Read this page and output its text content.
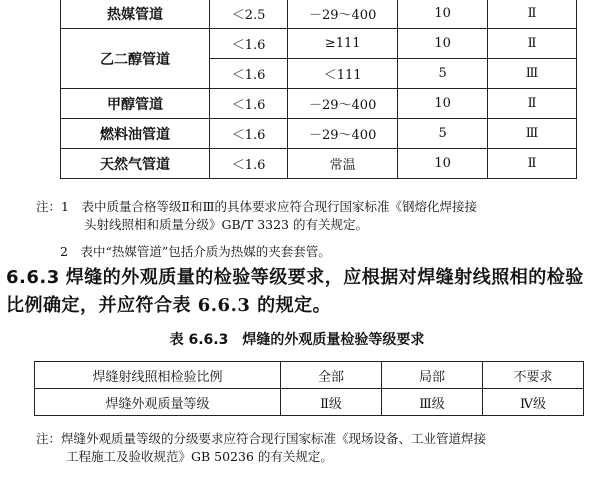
热媒管道	＜2.5	－29～400	10	Ⅱ
乙二醇管道	＜1.6	≥111	10	Ⅱ
	＜1.6	＜111	5	Ⅲ
甲醇管道	＜1.6	－29～400	10	Ⅱ
燃料油管道	＜1.6	－29～400	5	Ⅲ
天然气管道	＜1.6	常温	10	Ⅱ
注：1　表中质量合格等级Ⅱ和Ⅲ的具体要求应符合现行国家标准《钢熔化焊接接
头射线照相和质量分级》GB/T 3323 的有关规定。
2　表中“热媒管道”包括介质为热媒的夹套套管。
6.6.3 焊缝的外观质量的检验等级要求，应根据对焊缝射线照相的检验比例确定，并应符合表 6.6.3 的规定。
表 6.6.3　焊缝的外观质量检验等级要求
焊缝射线照相检验比例	全部	局部	不要求
焊缝外观质量等级	Ⅱ级	Ⅲ级	Ⅳ级
注：焊缝外观质量等级的分级要求应符合现行国家标准《现场设备、工业管道焊接
工程施工及验收规范》GB 50236 的有关规定。
